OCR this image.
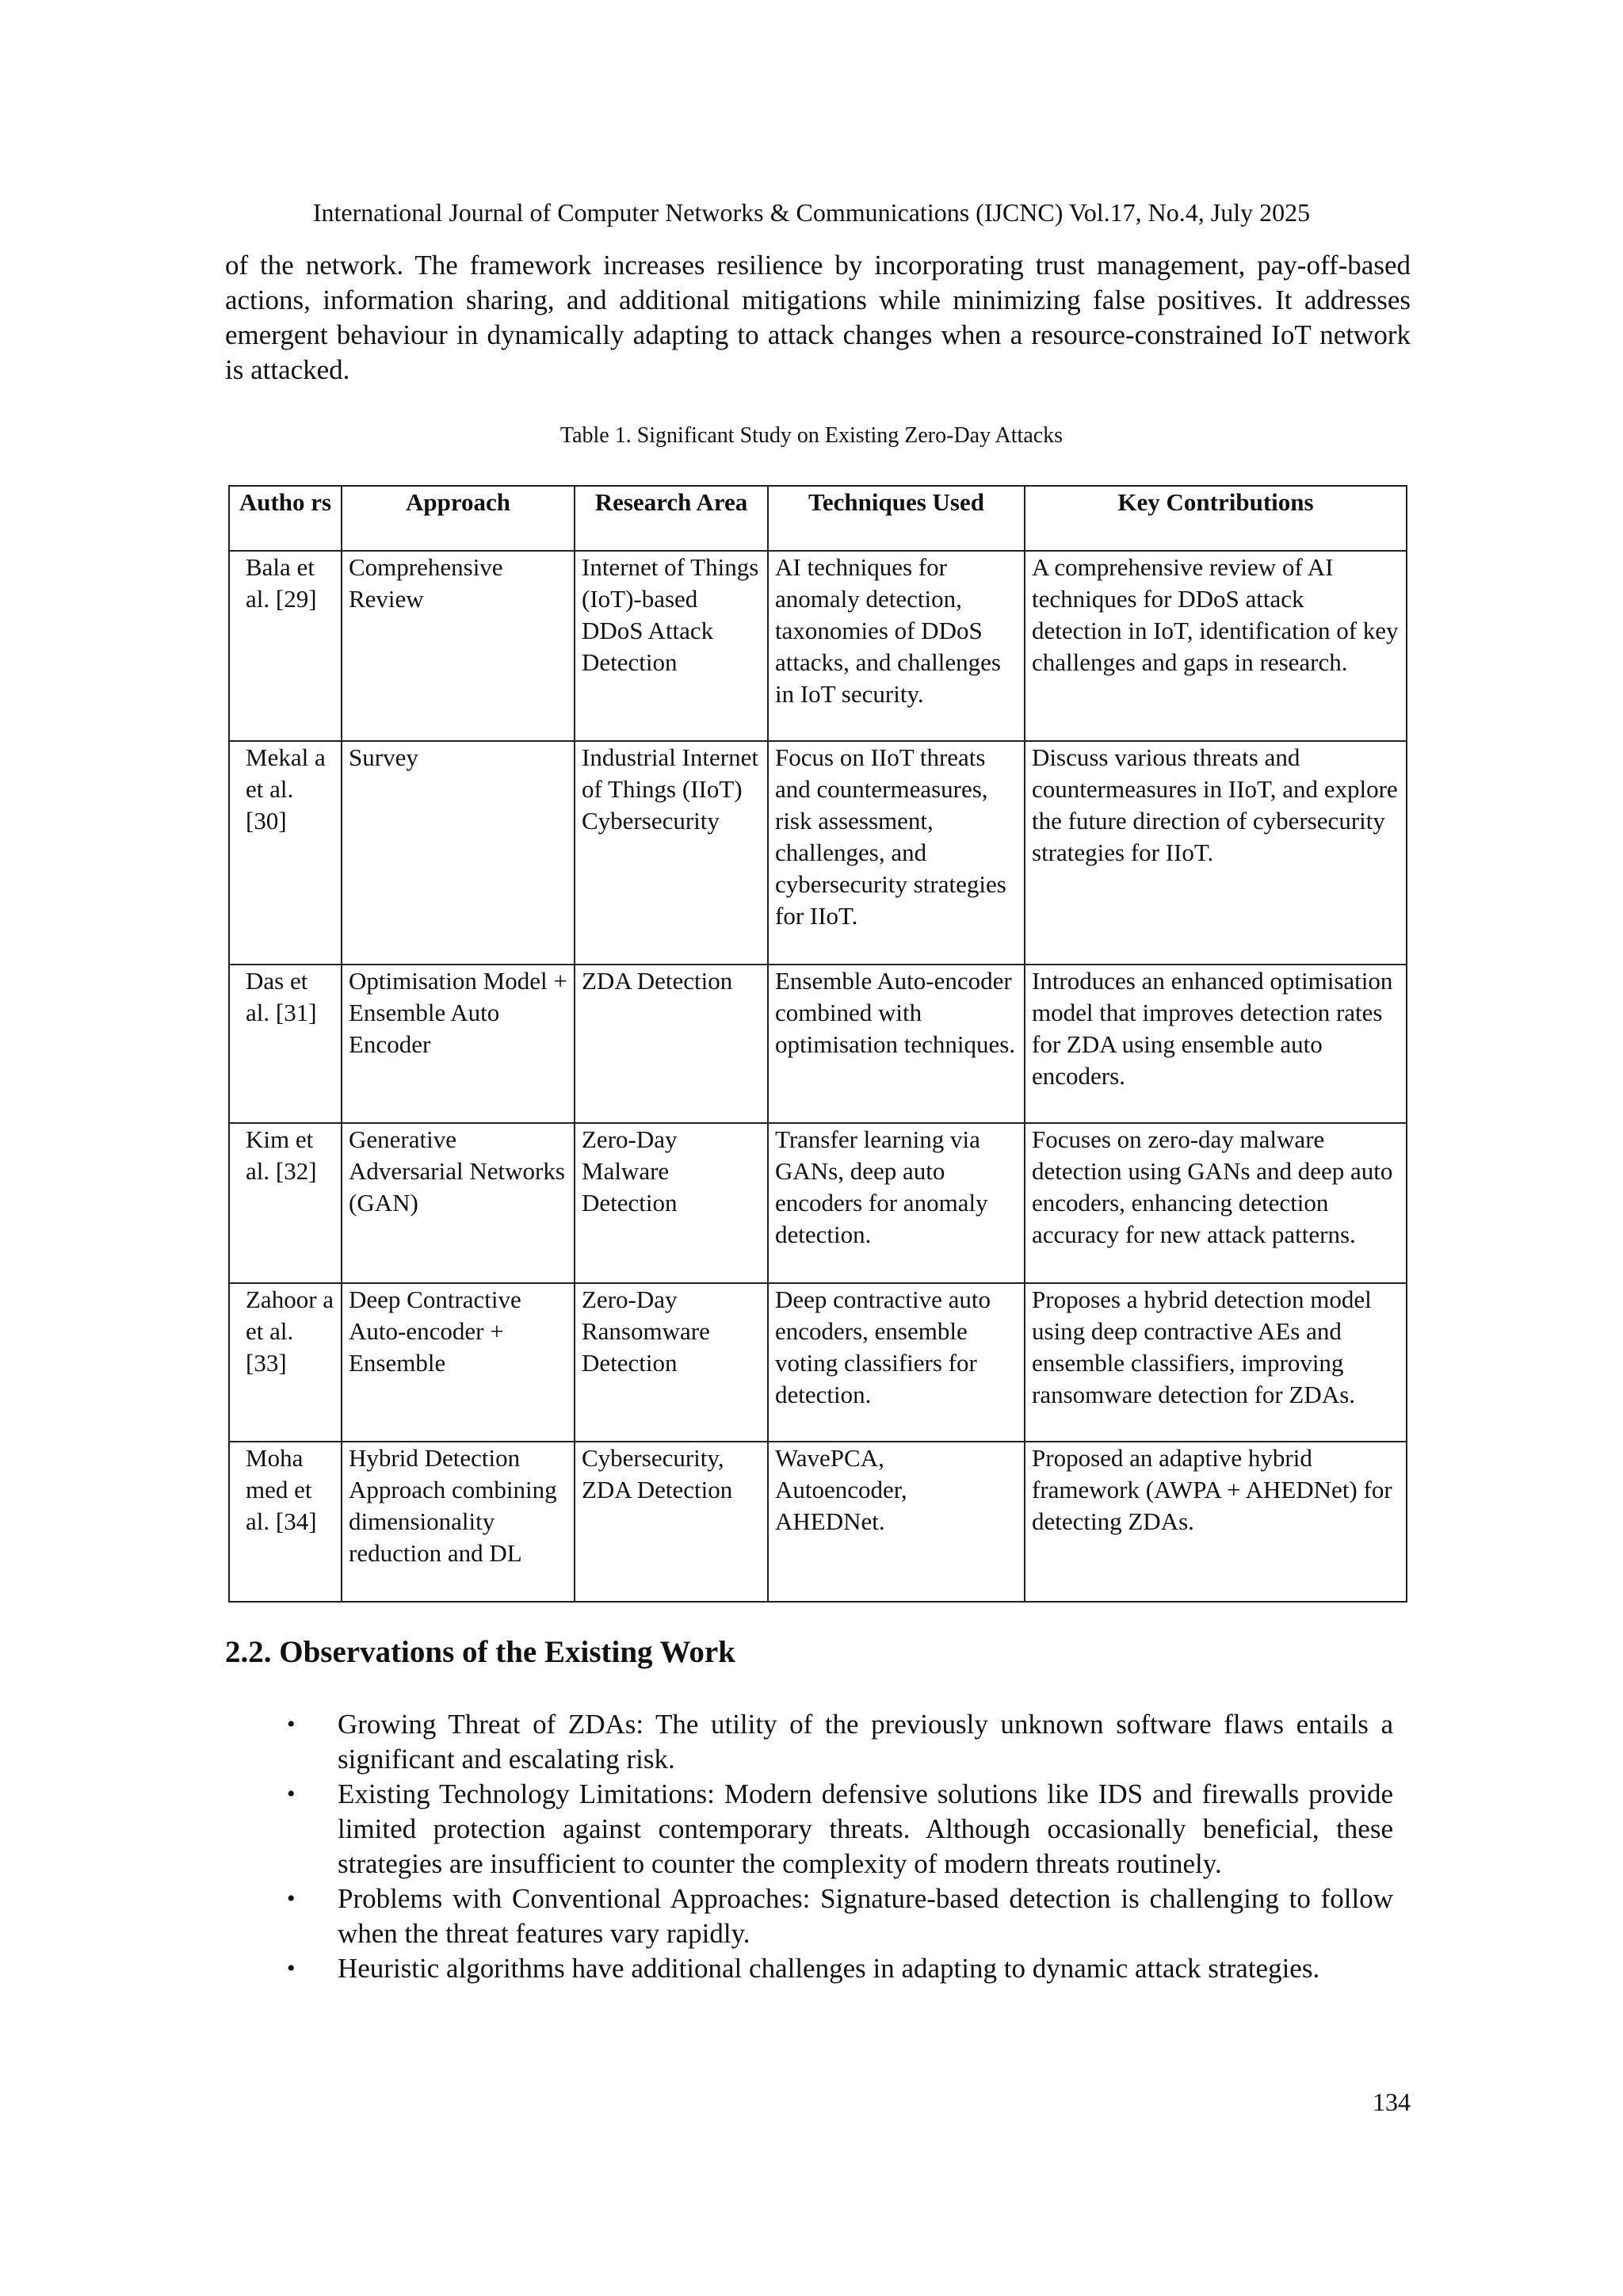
International Journal of Computer Networks & Communications (IJCNC) Vol.17, No.4, July 2025

of the network. The framework increases resilience by incorporating trust management, pay-off-based actions, information sharing, and additional mitigations while minimizing false positives. It addresses emergent behaviour in dynamically adapting to attack changes when a resource-constrained IoT network is attacked.

Table 1. Significant Study on Existing Zero-Day Attacks
Autho rs	Approach	Research Area	Techniques Used	Key Contributions
Bala et al. [29]	Comprehensive Review	Internet of Things (IoT)-based DDoS Attack Detection	AI techniques for anomaly detection, taxonomies of DDoS attacks, and challenges in IoT security.	A comprehensive review of AI techniques for DDoS attack detection in IoT, identification of key challenges and gaps in research.
Mekal a et al. [30]	Survey	Industrial Internet of Things (IIoT) Cybersecurity	Focus on IIoT threats and countermeasures, risk assessment, challenges, and cybersecurity strategies for IIoT.	Discuss various threats and countermeasures in IIoT, and explore the future direction of cybersecurity strategies for IIoT.
Das et al. [31]	Optimisation Model + Ensemble Auto Encoder	ZDA Detection	Ensemble Auto-encoder combined with optimisation techniques.	Introduces an enhanced optimisation model that improves detection rates for ZDA using ensemble auto encoders.
Kim et al. [32]	Generative Adversarial Networks (GAN)	Zero-Day Malware Detection	Transfer learning via GANs, deep auto encoders for anomaly detection.	Focuses on zero-day malware detection using GANs and deep auto encoders, enhancing detection accuracy for new attack patterns.
Zahoor a et al. [33]	Deep Contractive Auto-encoder + Ensemble	Zero-Day Ransomware Detection	Deep contractive auto encoders, ensemble voting classifiers for detection.	Proposes a hybrid detection model using deep contractive AEs and ensemble classifiers, improving ransomware detection for ZDAs.
Moha med et al. [34]	Hybrid Detection Approach combining dimensionality reduction and DL	Cybersecurity, ZDA Detection	WavePCA, Autoencoder, AHEDNet.	Proposed an adaptive hybrid framework (AWPA + AHEDNet) for detecting ZDAs.
2.2. Observations of the Existing Work
• Growing Threat of ZDAs: The utility of the previously unknown software flaws entails a significant and escalating risk.
• Existing Technology Limitations: Modern defensive solutions like IDS and firewalls provide limited protection against contemporary threats. Although occasionally beneficial, these strategies are insufficient to counter the complexity of modern threats routinely.
• Problems with Conventional Approaches: Signature-based detection is challenging to follow when the threat features vary rapidly.
• Heuristic algorithms have additional challenges in adapting to dynamic attack strategies.
134
